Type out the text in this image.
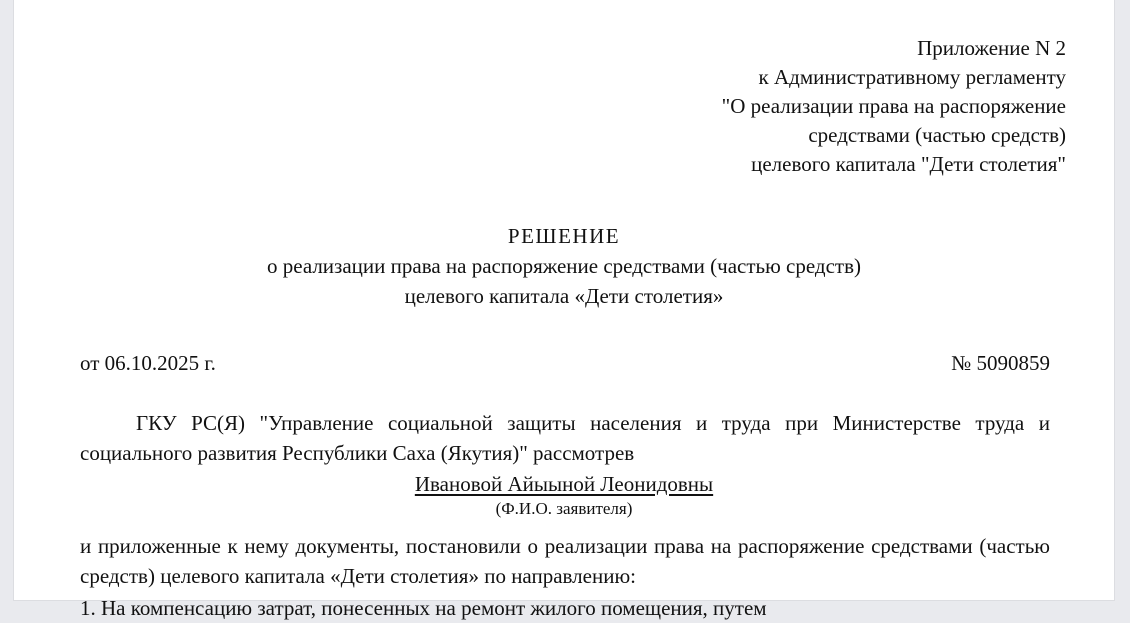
Приложение N 2
к Административному регламенту
"О реализации права на распоряжение
средствами (частью средств)
целевого капитала "Дети столетия"
РЕШЕНИЕ
о реализации права на распоряжение средствами (частью средств)
целевого капитала «Дети столетия»
от 06.10.2025 г.	№ 5090859
ГКУ РС(Я) "Управление социальной защиты населения и труда при Министерстве труда и социального развития Республики Саха (Якутия)" рассмотрев
Ивановой Айыыной Леонидовны
(Ф.И.О. заявителя)
и приложенные к нему документы, постановили о реализации права на распоряжение средствами (частью средств) целевого капитала «Дети столетия» по направлению:
1. На компенсацию затрат, понесенных на ремонт жилого помещения, путем
